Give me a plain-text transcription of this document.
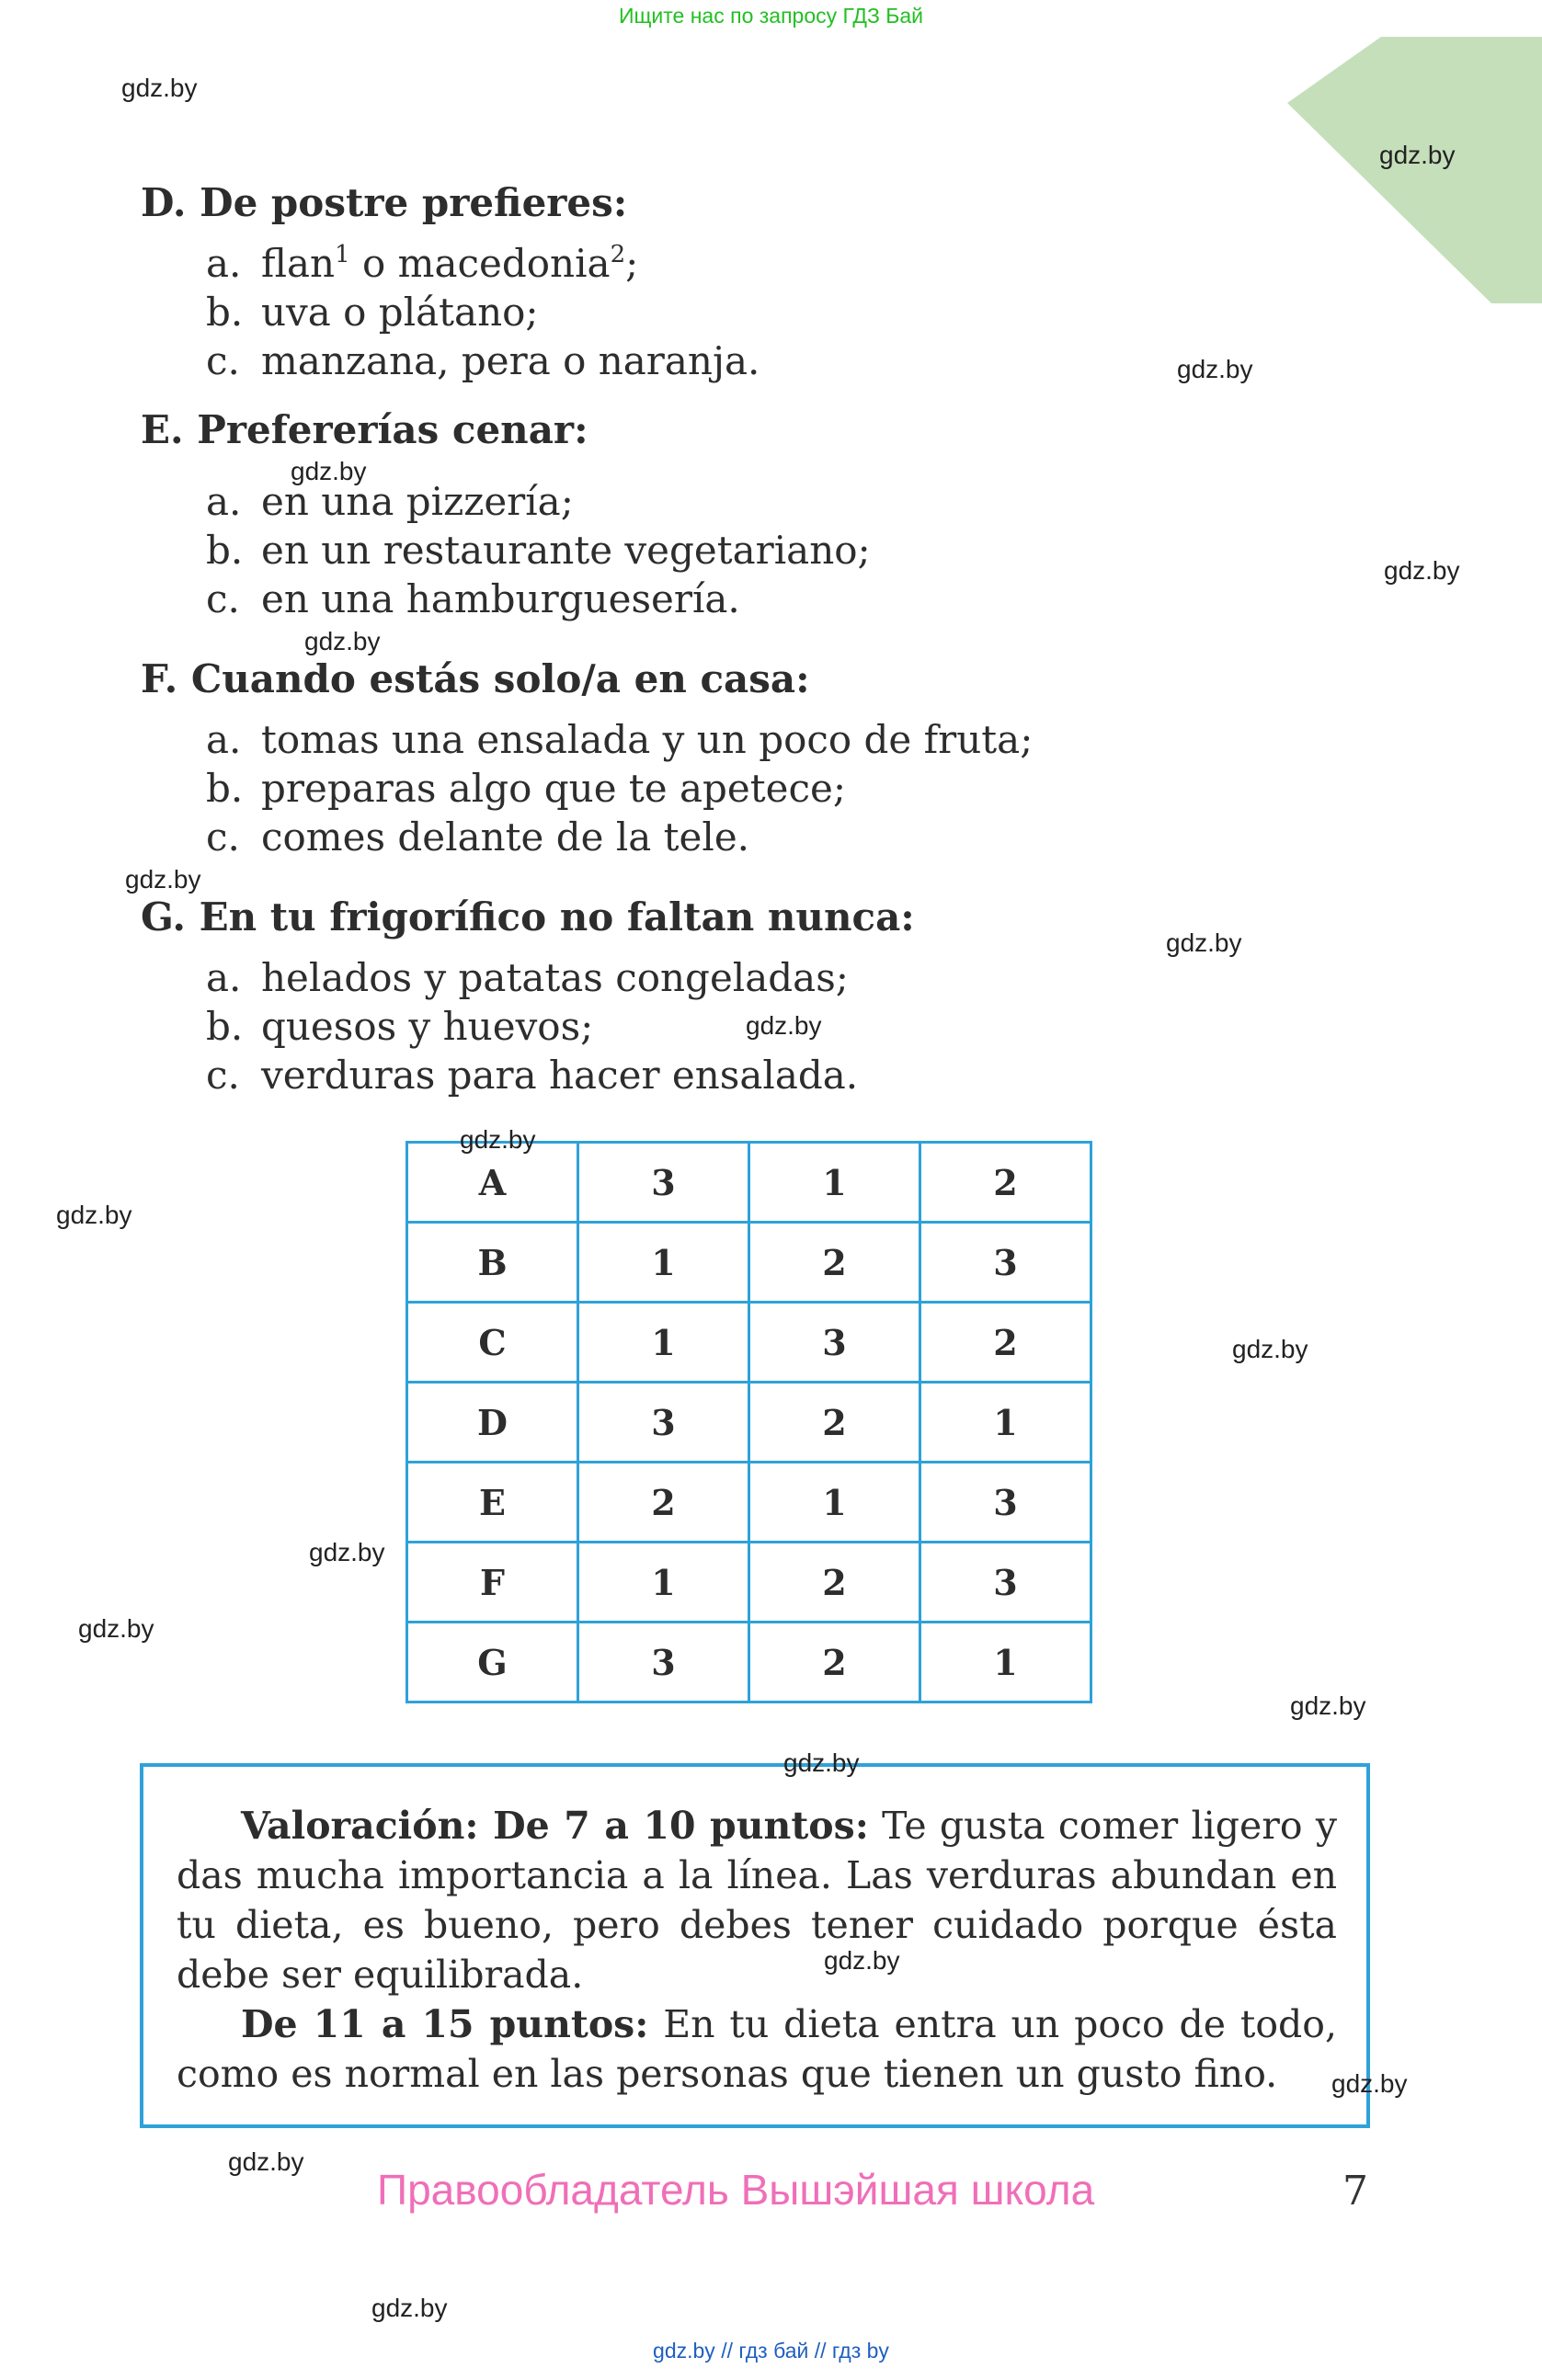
Ищите нас по запросу ГДЗ Бай
D. De postre prefieres:
a. flan$^1$ o macedonia$^2$;
b. uva o plátano;
c. manzana, pera o naranja.
E. Prefererías cenar:
a. en una pizzería;
b. en un restaurante vegetariano;
c. en una hamburguesería.
F. Cuando estás solo/a en casa:
a. tomas una ensalada y un poco de fruta;
b. preparas algo que te apetece;
c. comes delante de la tele.
G. En tu frigorífico no faltan nunca:
a. helados y patatas congeladas;
b. quesos y huevos;
c. verduras para hacer ensalada.
A	3	1	2
B	1	2	3
C	1	3	2
D	3	2	1
E	2	1	3
F	1	2	3
G	3	2	1
Valoración: De 7 a 10 puntos: Te gusta comer ligero y
das mucha importancia a la línea. Las verduras abundan en
tu dieta, es bueno, pero debes tener cuidado porque ésta
debe ser equilibrada.
De 11 a 15 puntos: En tu dieta entra un poco de todo,
como es normal en las personas que tienen un gusto fino.
Правообладатель Вышэйшая школа	7
gdz.by // гдз бай // гдз by
gdz.by
gdz.by
gdz.by
gdz.by
gdz.by
gdz.by
gdz.by
gdz.by
gdz.by
gdz.by
gdz.by
gdz.by
gdz.by
gdz.by
gdz.by
gdz.by
gdz.by
gdz.by
gdz.by
gdz.by
